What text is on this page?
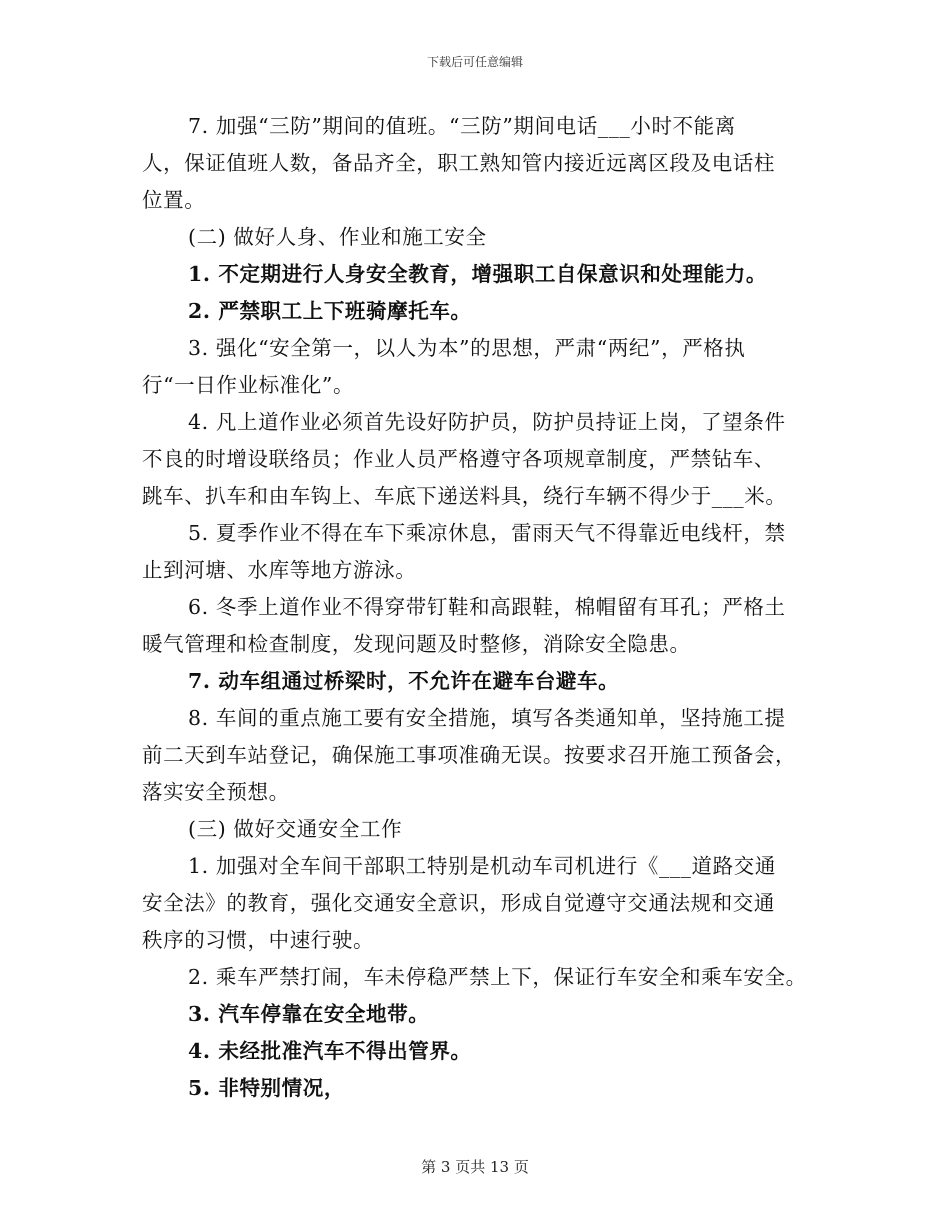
下载后可任意编辑
7. 加强“三防”期间的值班。“三防”期间电话___小时不能离
人，保证值班人数，备品齐全，职工熟知管内接近远离区段及电话柱
位置。
(二) 做好人身、作业和施工安全
1. 不定期进行人身安全教育，增强职工自保意识和处理能力。
2. 严禁职工上下班骑摩托车。
3. 强化“安全第一，以人为本”的思想，严肃“两纪”，严格执
行“一日作业标准化”。
4. 凡上道作业必须首先设好防护员，防护员持证上岗，了望条件
不良的时增设联络员；作业人员严格遵守各项规章制度，严禁钻车、
跳车、扒车和由车钩上、车底下递送料具，绕行车辆不得少于___米。
5. 夏季作业不得在车下乘凉休息，雷雨天气不得靠近电线杆，禁
止到河塘、水库等地方游泳。
6. 冬季上道作业不得穿带钉鞋和高跟鞋，棉帽留有耳孔；严格土
暖气管理和检查制度，发现问题及时整修，消除安全隐患。
7. 动车组通过桥梁时，不允许在避车台避车。
8. 车间的重点施工要有安全措施，填写各类通知单，坚持施工提
前二天到车站登记，确保施工事项准确无误。按要求召开施工预备会，
落实安全预想。
(三) 做好交通安全工作
1. 加强对全车间干部职工特别是机动车司机进行《___道路交通
安全法》的教育，强化交通安全意识，形成自觉遵守交通法规和交通
秩序的习惯，中速行驶。
2. 乘车严禁打闹，车未停稳严禁上下，保证行车安全和乘车安全。
3. 汽车停靠在安全地带。
4. 未经批准汽车不得出管界。
5. 非特别情况，
第 3 页共 13 页
